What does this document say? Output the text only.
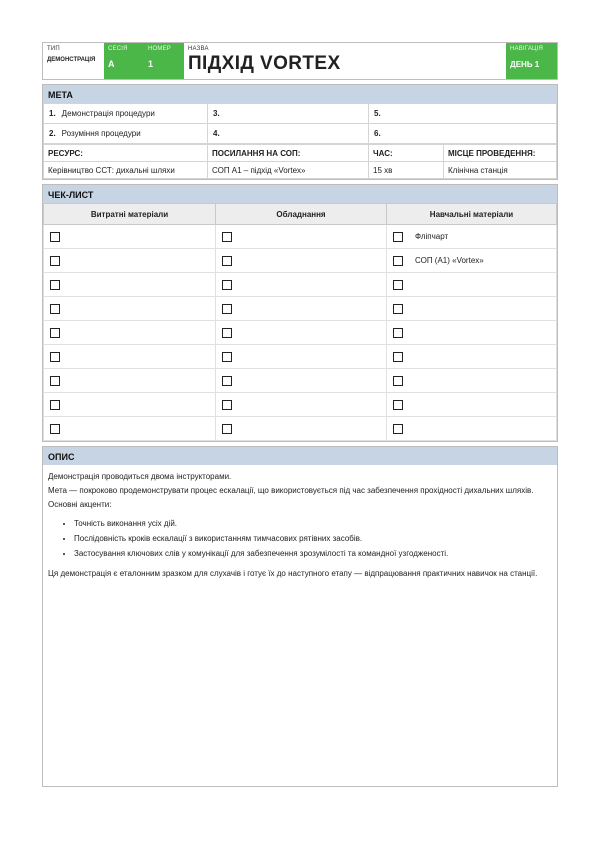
ТИП
ДЕМОНСТРАЦІЯ
СЕСІЯ
A
НОМЕР
1
НАЗВА
ПІДХІД VORTEX
НАВІГАЦІЯ
ДЕНЬ 1
МЕТА
1. Демонстрація процедури	3.	5.
2. Розуміння процедури	4.	6.
РЕСУРС:	ПОСИЛАННЯ НА СОП:	ЧАС:	МІСЦЕ ПРОВЕДЕННЯ:
Керівництво ССТ: дихальні шляхи	СОП А1 – підхід «Vortex»	15 хв	Клінічна станція
ЧЕК-ЛИСТ
Витратні матеріали	Обладнання	Навчальні матеріали
		Фліпчарт
		СОП (А1) «Vortex»

ОПИС

Демонстрація проводиться двома інструкторами.

Мета — покроково продемонструвати процес ескалації, що використовується під час забезпечення прохідності дихальних шляхів. Основні акценти:

• Точність виконання усіх дій.
• Послідовність кроків ескалації з використанням тимчасових рятівних засобів.
• Застосування ключових слів у комунікації для забезпечення зрозумілості та командної узгодженості.

Ця демонстрація є еталонним зразком для слухачів і готує їх до наступного етапу — відпрацювання практичних навичок на станції.
